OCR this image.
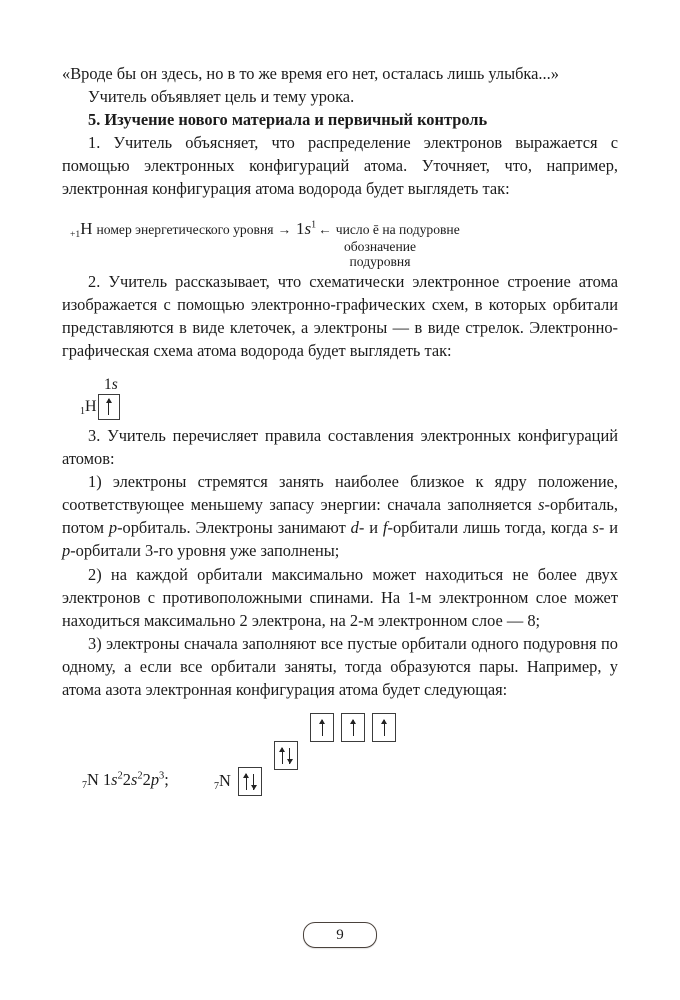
«Вроде бы он здесь, но в то же время его нет, осталась лишь улыбка...»

Учитель объявляет цель и тему урока.

5. Изучение нового материала и первичный контроль

1. Учитель объясняет, что распределение электронов выражается с помощью электронных конфигураций атома. Уточняет, что, например, электронная конфигурация атома водорода будет выглядеть так:

+1 Н номер энергетического уровня → $1s^1$ ← число ē на подуровне
обозначение
подуровня

2. Учитель рассказывает, что схематически электронное строение атома изображается с помощью электронно-графических схем, в которых орбитали представляются в виде клеточек, а электроны — в виде стрелок. Электронно-графическая схема атома водорода будет выглядеть так:

1s
1 Н

3. Учитель перечисляет правила составления электронных конфигураций атомов:

1) электроны стремятся занять наиболее близкое к ядру положение, соответствующее меньшему запасу энергии: сначала заполняется s-орбиталь, потом p-орбиталь. Электроны занимают d- и f-орбитали лишь тогда, когда s- и p-орбитали 3-го уровня уже заполнены;

2) на каждой орбитали максимально может находиться не более двух электронов с противоположными спинами. На 1-м электронном слое может находиться максимально 2 электрона, на 2-м электронном слое — 8;

3) электроны сначала заполняют все пустые орбитали одного подуровня по одному, а если все орбитали заняты, тогда образуются пары. Например, у атома азота электронная конфигурация атома будет следующая:

7N $1s^22s^22p^3$;	7N
9
